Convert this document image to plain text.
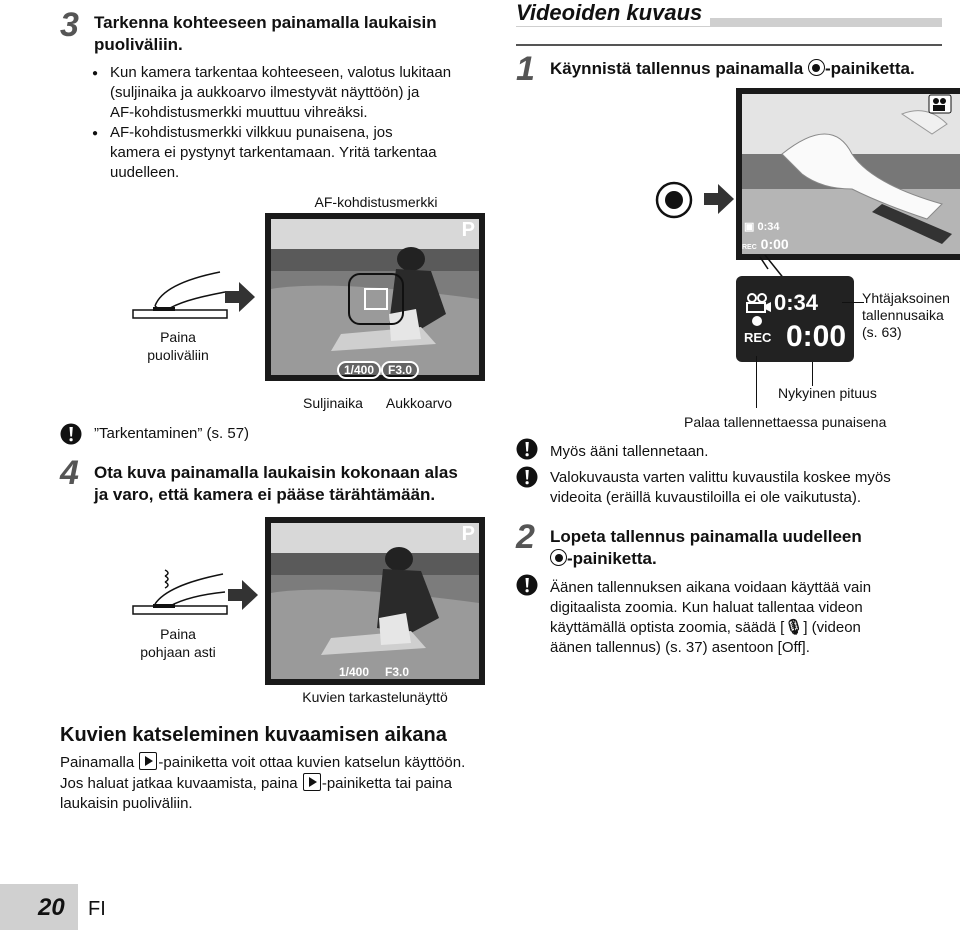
3 Tarkenna kohteeseen painamalla laukaisin
puoliväliin.
● Kun kamera tarkentaa kohteeseen, valotus lukitaan
(suljinaika ja aukkoarvo ilmestyvät näyttöön) ja
AF-kohdistusmerkki muuttuu vihreäksi.
● AF-kohdistusmerkki vilkkuu punaisena, jos
kamera ei pystynyt tarkentamaan. Yritä tarkentaa
uudelleen.
AF-kohdistusmerkki
Paina
puoliväliin
P
1/400	F3.0
Suljinaika	Aukkoarvo
”Tarkentaminen” (s. 57)
4 Ota kuva painamalla laukaisin kokonaan alas
ja varo, että kamera ei pääse tärähtämään.
Paina
pohjaan asti
P
1/400 F3.0
Kuvien tarkastelunäyttö
Kuvien katseleminen kuvaamisen aikana
Painamalla -painiketta voit ottaa kuvien katselun käyttöön.
Jos haluat jatkaa kuvaamista, paina -painiketta tai paina
laukaisin puoliväliin.
Videoiden kuvaus
1 Käynnistä tallennus painamalla -painiketta.
▣ 0:34
REC 0:00
0:34
REC 0:00
Yhtäjaksoinen
tallennusaika
(s. 63)
Nykyinen pituus
Palaa tallennettaessa punaisena
Myös ääni tallennetaan.
Valokuvausta varten valittu kuvaustila koskee myös
videoita (eräillä kuvaustiloilla ei ole vaikutusta).
2 Lopeta tallennus painamalla uudelleen
-painiketta.
Äänen tallennuksen aikana voidaan käyttää vain
digitaalista zoomia. Kun haluat tallentaa videon
käyttämällä optista zoomia, säädä [🎙] (videon
äänen tallennus) (s. 37) asentoon [Off].
20 FI
